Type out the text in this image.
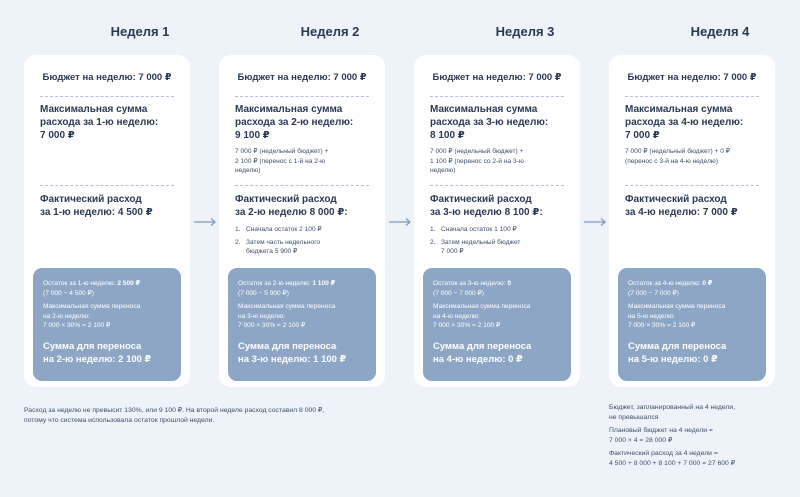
Неделя 1
Бюджет на неделю: 7 000 ₽
Максимальная сумма
расхода за 1-ю неделю:
7 000 ₽
Фактический расход
за 1-ю неделю: 4 500 ₽
Остаток за 1-ю неделю: 2 500 ₽
(7 000 − 4 500 ₽)
Максимальная сумма переноса
на 2-ю неделю:
7 000 × 30% = 2 100 ₽
Сумма для переноса
на 2-ю неделю: 2 100 ₽
Неделя 2
Бюджет на неделю: 7 000 ₽
Максимальная сумма
расхода за 2-ю неделю:
9 100 ₽
7 000 ₽ (недельный бюджет) +
2 100 ₽ (перенос с 1-й на 2-ю
неделю)
Фактический расход
за 2-ю неделю 8 000 ₽:
1. Сначала остаток 2 100 ₽
2. Затем часть недельного
бюджета 5 900 ₽
Остаток за 2-ю неделю: 1 100 ₽
(7 000 − 5 900 ₽)
Максимальная сумма переноса
на 3-ю неделю:
7 000 × 30% = 2 100 ₽
Сумма для переноса
на 3-ю неделю: 1 100 ₽
Неделя 3
Бюджет на неделю: 7 000 ₽
Максимальная сумма
расхода за 3-ю неделю:
8 100 ₽
7 000 ₽ (недельный бюджет) +
1 100 ₽ (перенос со 2-й на 3-ю
неделю)
Фактический расход
за 3-ю неделю 8 100 ₽:
1. Сначала остаток 1 100 ₽
2. Затем недельный бюджет
7 000 ₽
Остаток за 3-ю неделю: 0
(7 000 − 7 000 ₽)
Максимальная сумма переноса
на 4-ю неделю:
7 000 × 30% = 2 100 ₽
Сумма для переноса
на 4-ю неделю: 0 ₽
Неделя 4
Бюджет на неделю: 7 000 ₽
Максимальная сумма
расхода за 4-ю неделю:
7 000 ₽
7 000 ₽ (недельный бюджет) + 0 ₽
(перенос с 3-й на 4-ю неделю)
Фактический расход
за 4-ю неделю: 7 000 ₽
Остаток за 4-ю неделю: 0 ₽
(7 000 − 7 000 ₽)
Максимальная сумма переноса
на 5-ю неделю:
7 000 × 30% = 2 100 ₽
Сумма для переноса
на 5-ю неделю: 0 ₽
Расход за неделю не превысит 130%, или 9 100 ₽. На второй неделе расход составил 8 000 ₽,
потому что система использовала остаток прошлой недели.

Бюджет, запланированный на 4 недели,
не превышался

Плановый бюджет на 4 недели =
7 000 × 4 = 28 000 ₽

Фактический расход за 4 недели =
4 500 + 8 000 + 8 100 + 7 000 = 27 600 ₽
